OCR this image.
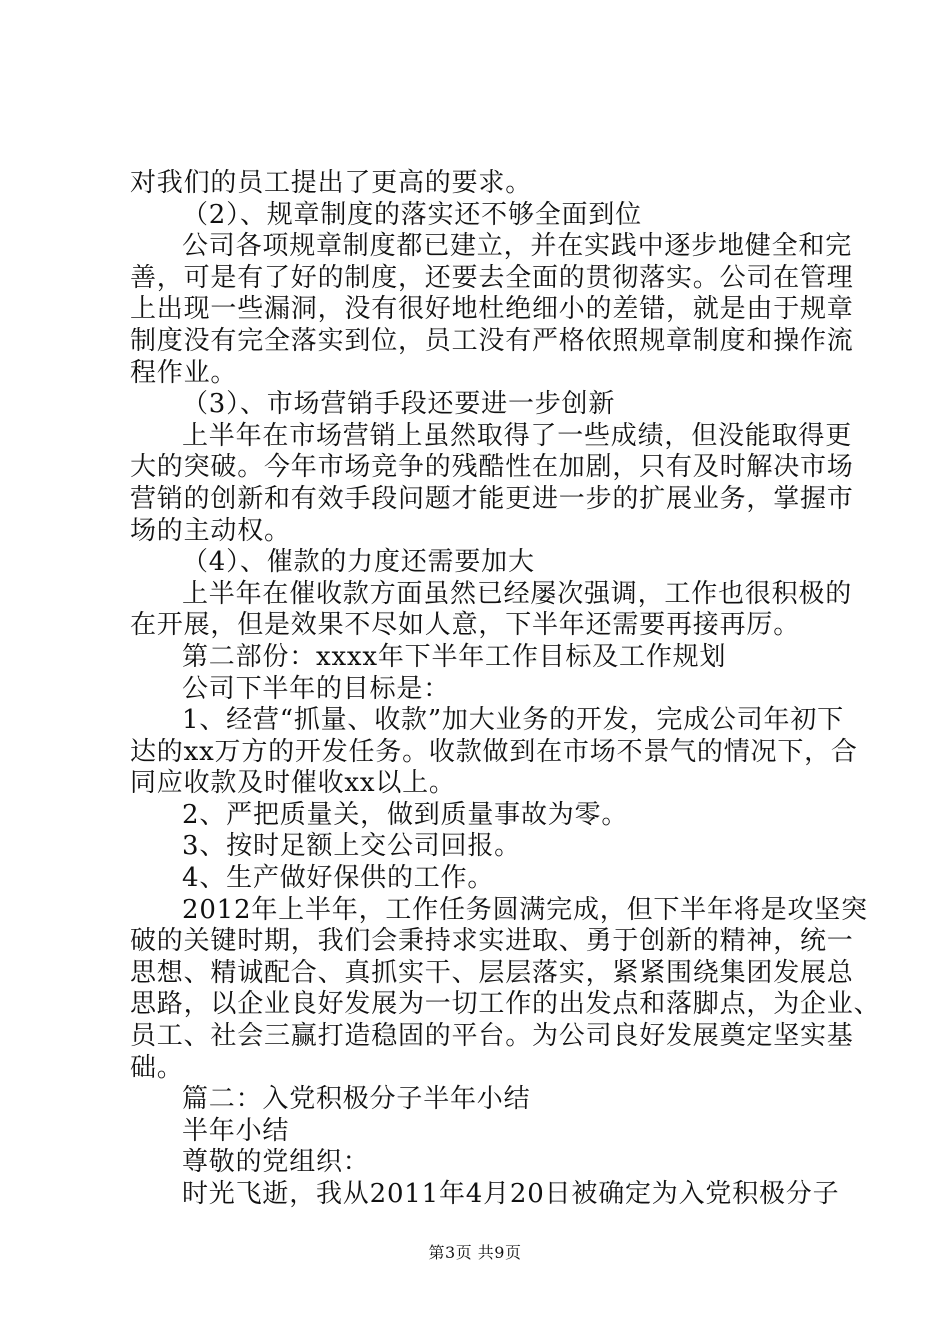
对我们的员工提出了更高的要求。
（2）、规章制度的落实还不够全面到位
公司各项规章制度都已建立，并在实践中逐步地健全和完
善，可是有了好的制度，还要去全面的贯彻落实。公司在管理
上出现一些漏洞，没有很好地杜绝细小的差错，就是由于规章
制度没有完全落实到位，员工没有严格依照规章制度和操作流
程作业。
（3）、市场营销手段还要进一步创新
上半年在市场营销上虽然取得了一些成绩，但没能取得更
大的突破。今年市场竞争的残酷性在加剧，只有及时解决市场
营销的创新和有效手段问题才能更进一步的扩展业务，掌握市
场的主动权。
（4）、催款的力度还需要加大
上半年在催收款方面虽然已经屡次强调，工作也很积极的
在开展，但是效果不尽如人意，下半年还需要再接再厉。
第二部份：xxxx年下半年工作目标及工作规划
公司下半年的目标是：
1、经营“抓量、收款”加大业务的开发，完成公司年初下
达的xx万方的开发任务。收款做到在市场不景气的情况下，合
同应收款及时催收xx以上。
2、严把质量关，做到质量事故为零。
3、按时足额上交公司回报。
4、生产做好保供的工作。
2012年上半年，工作任务圆满完成，但下半年将是攻坚突
破的关键时期，我们会秉持求实进取、勇于创新的精神，统一
思想、精诚配合、真抓实干、层层落实，紧紧围绕集团发展总
思路，以企业良好发展为一切工作的出发点和落脚点，为企业、
员工、社会三赢打造稳固的平台。为公司良好发展奠定坚实基
础。
篇二：入党积极分子半年小结
半年小结
尊敬的党组织：
时光飞逝，我从2011年4月20日被确定为入党积极分子
第3页 共9页
